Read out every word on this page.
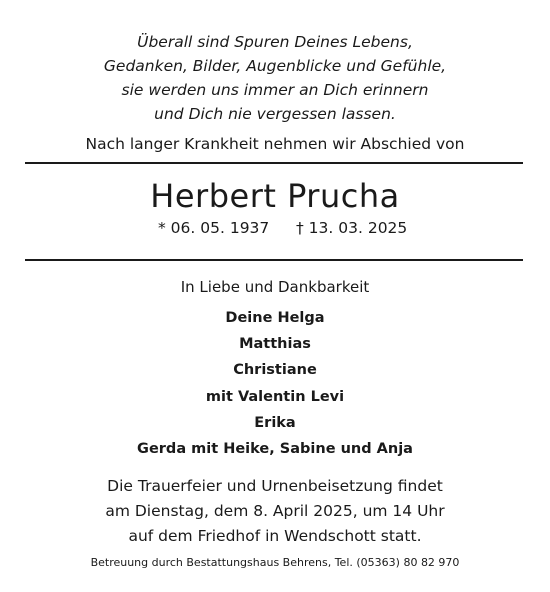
Überall sind Spuren Deines Lebens,
Gedanken, Bilder, Augenblicke und Gefühle,
sie werden uns immer an Dich erinnern
und Dich nie vergessen lassen.
Nach langer Krankheit nehmen wir Abschied von
Herbert Prucha
* 06. 05. 1937 † 13. 03. 2025
In Liebe und Dankbarkeit
Deine Helga
Matthias
Christiane
mit Valentin Levi
Erika
Gerda mit Heike, Sabine und Anja
Die Trauerfeier und Urnenbeisetzung findet
am Dienstag, dem 8. April 2025, um 14 Uhr
auf dem Friedhof in Wendschott statt.
Betreuung durch Bestattungshaus Behrens, Tel. (05363) 80 82 970
